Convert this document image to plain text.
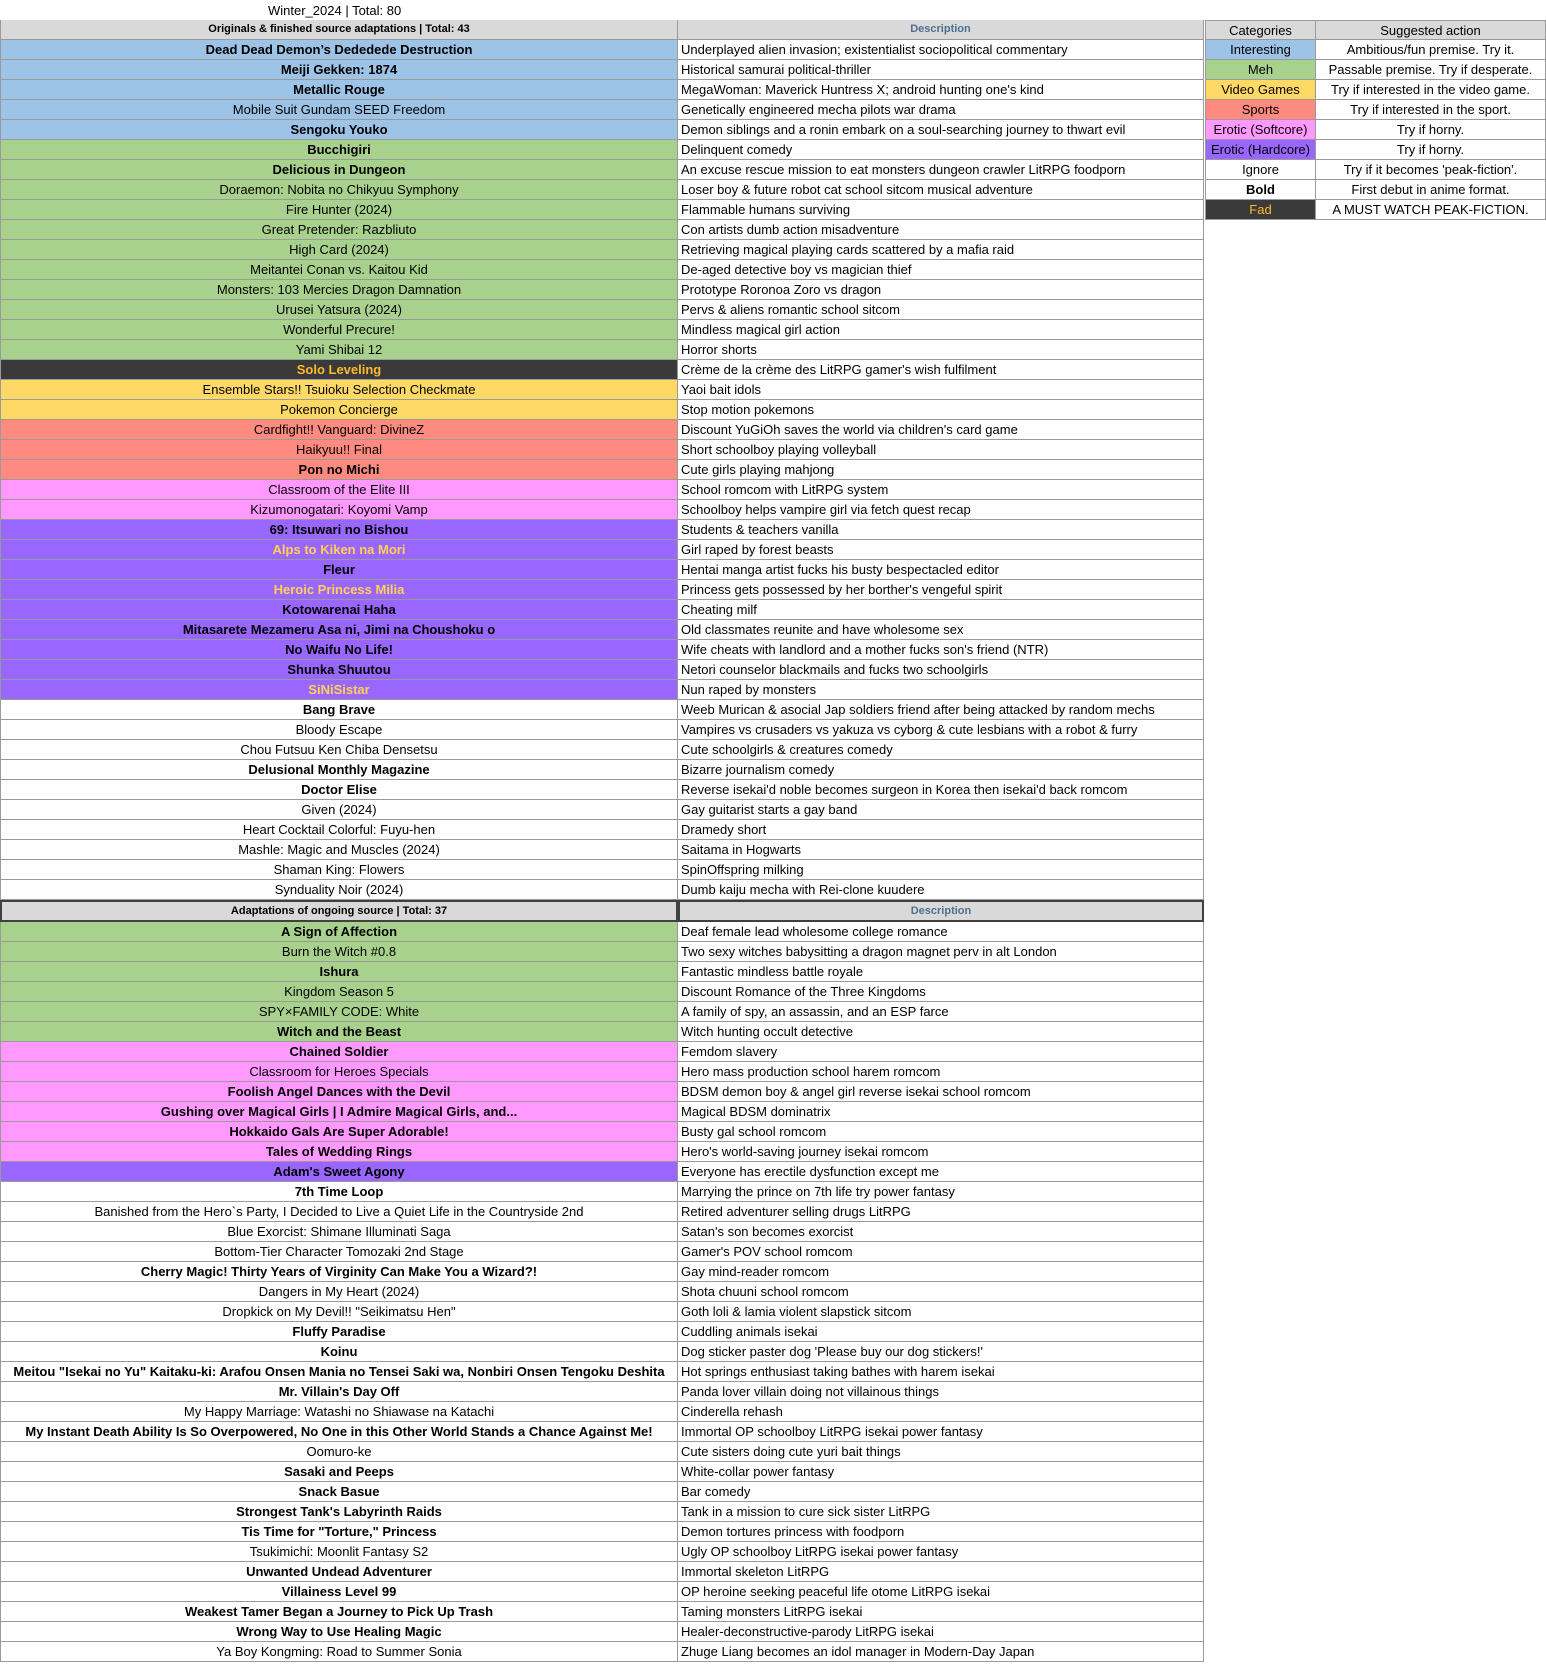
Winter_2024 | Total: 80
Originals & finished source adaptations | Total: 43	Description
Dead Dead Demon’s Dededede Destruction	Underplayed alien invasion; existentialist sociopolitical commentary
Meiji Gekken: 1874	Historical samurai political-thriller
Metallic Rouge	MegaWoman: Maverick Huntress X; android hunting one's kind
Mobile Suit Gundam SEED Freedom	Genetically engineered mecha pilots war drama
Sengoku Youko	Demon siblings and a ronin embark on a soul-searching journey to thwart evil
Bucchigiri	Delinquent comedy
Delicious in Dungeon	An excuse rescue mission to eat monsters dungeon crawler LitRPG foodporn
Doraemon: Nobita no Chikyuu Symphony	Loser boy & future robot cat school sitcom musical adventure
Fire Hunter (2024)	Flammable humans surviving
Great Pretender: Razbliuto	Con artists dumb action misadventure
High Card (2024)	Retrieving magical playing cards scattered by a mafia raid
Meitantei Conan vs. Kaitou Kid	De-aged detective boy vs magician thief
Monsters: 103 Mercies Dragon Damnation	Prototype Roronoa Zoro vs dragon
Urusei Yatsura (2024)	Pervs & aliens romantic school sitcom
Wonderful Precure!	Mindless magical girl action
Yami Shibai 12	Horror shorts
Solo Leveling	Crème de la crème des LitRPG gamer's wish fulfilment
Ensemble Stars!! Tsuioku Selection Checkmate	Yaoi bait idols
Pokemon Concierge	Stop motion pokemons
Cardfight!! Vanguard: DivineZ	Discount YuGiOh saves the world via children's card game
Haikyuu!! Final	Short schoolboy playing volleyball
Pon no Michi	Cute girls playing mahjong
Classroom of the Elite III	School romcom with LitRPG system
Kizumonogatari: Koyomi Vamp	Schoolboy helps vampire girl via fetch quest recap
69: Itsuwari no Bishou	Students & teachers vanilla
Alps to Kiken na Mori	Girl raped by forest beasts
Fleur	Hentai manga artist fucks his busty bespectacled editor
Heroic Princess Milia	Princess gets possessed by her borther's vengeful spirit
Kotowarenai Haha	Cheating milf
Mitasarete Mezameru Asa ni, Jimi na Choushoku o	Old classmates reunite and have wholesome sex
No Waifu No Life!	Wife cheats with landlord and a mother fucks son's friend (NTR)
Shunka Shuutou	Netori counselor blackmails and fucks two schoolgirls
SiNiSistar	Nun raped by monsters
Bang Brave	Weeb Murican & asocial Jap soldiers friend after being attacked by random mechs
Bloody Escape	Vampires vs crusaders vs yakuza vs cyborg & cute lesbians with a robot & furry
Chou Futsuu Ken Chiba Densetsu	Cute schoolgirls & creatures comedy
Delusional Monthly Magazine	Bizarre journalism comedy
Doctor Elise	Reverse isekai'd noble becomes surgeon in Korea then isekai'd back romcom
Given (2024)	Gay guitarist starts a gay band
Heart Cocktail Colorful: Fuyu-hen	Dramedy short
Mashle: Magic and Muscles (2024)	Saitama in Hogwarts
Shaman King: Flowers	SpinOffspring milking
Synduality Noir (2024)	Dumb kaiju mecha with Rei-clone kuudere
Adaptations of ongoing source | Total: 37	Description
A Sign of Affection	Deaf female lead wholesome college romance
Burn the Witch #0.8	Two sexy witches babysitting a dragon magnet perv in alt London
Ishura	Fantastic mindless battle royale
Kingdom Season 5	Discount Romance of the Three Kingdoms
SPY×FAMILY CODE: White	A family of spy, an assassin, and an ESP farce
Witch and the Beast	Witch hunting occult detective
Chained Soldier	Femdom slavery
Classroom for Heroes Specials	Hero mass production school harem romcom
Foolish Angel Dances with the Devil	BDSM demon boy & angel girl reverse isekai school romcom
Gushing over Magical Girls | I Admire Magical Girls, and...	Magical BDSM dominatrix
Hokkaido Gals Are Super Adorable!	Busty gal school romcom
Tales of Wedding Rings	Hero's world-saving journey isekai romcom
Adam's Sweet Agony	Everyone has erectile dysfunction except me
7th Time Loop	Marrying the prince on 7th life try power fantasy
Banished from the Hero`s Party, I Decided to Live a Quiet Life in the Countryside 2nd	Retired adventurer selling drugs LitRPG
Blue Exorcist: Shimane Illuminati Saga	Satan's son becomes exorcist
Bottom-Tier Character Tomozaki 2nd Stage	Gamer's POV school romcom
Cherry Magic! Thirty Years of Virginity Can Make You a Wizard?!	Gay mind-reader romcom
Dangers in My Heart (2024)	Shota chuuni school romcom
Dropkick on My Devil!! "Seikimatsu Hen"	Goth loli & lamia violent slapstick sitcom
Fluffy Paradise	Cuddling animals isekai
Koinu	Dog sticker paster dog 'Please buy our dog stickers!'
Meitou "Isekai no Yu" Kaitaku-ki: Arafou Onsen Mania no Tensei Saki wa, Nonbiri Onsen Tengoku Deshita	Hot springs enthusiast taking bathes with harem isekai
Mr. Villain's Day Off	Panda lover villain doing not villainous things
My Happy Marriage: Watashi no Shiawase na Katachi	Cinderella rehash
My Instant Death Ability Is So Overpowered, No One in this Other World Stands a Chance Against Me!	Immortal OP schoolboy LitRPG isekai power fantasy
Oomuro-ke	Cute sisters doing cute yuri bait things
Sasaki and Peeps	White-collar power fantasy
Snack Basue	Bar comedy
Strongest Tank's Labyrinth Raids	Tank in a mission to cure sick sister LitRPG
Tis Time for "Torture," Princess	Demon tortures princess with foodporn
Tsukimichi: Moonlit Fantasy S2	Ugly OP schoolboy LitRPG isekai power fantasy
Unwanted Undead Adventurer	Immortal skeleton LitRPG
Villainess Level 99	OP heroine seeking peaceful life otome LitRPG isekai
Weakest Tamer Began a Journey to Pick Up Trash	Taming monsters LitRPG isekai
Wrong Way to Use Healing Magic	Healer-deconstructive-parody LitRPG isekai
Ya Boy Kongming: Road to Summer Sonia	Zhuge Liang becomes an idol manager in Modern-Day Japan
Categories	Suggested action
Interesting	Ambitious/fun premise. Try it.
Meh	Passable premise. Try if desperate.
Video Games	Try if interested in the video game.
Sports	Try if interested in the sport.
Erotic (Softcore)	Try if horny.
Erotic (Hardcore)	Try if horny.
Ignore	Try if it becomes 'peak-fiction'.
Bold	First debut in anime format.
Fad	A MUST WATCH PEAK-FICTION.
